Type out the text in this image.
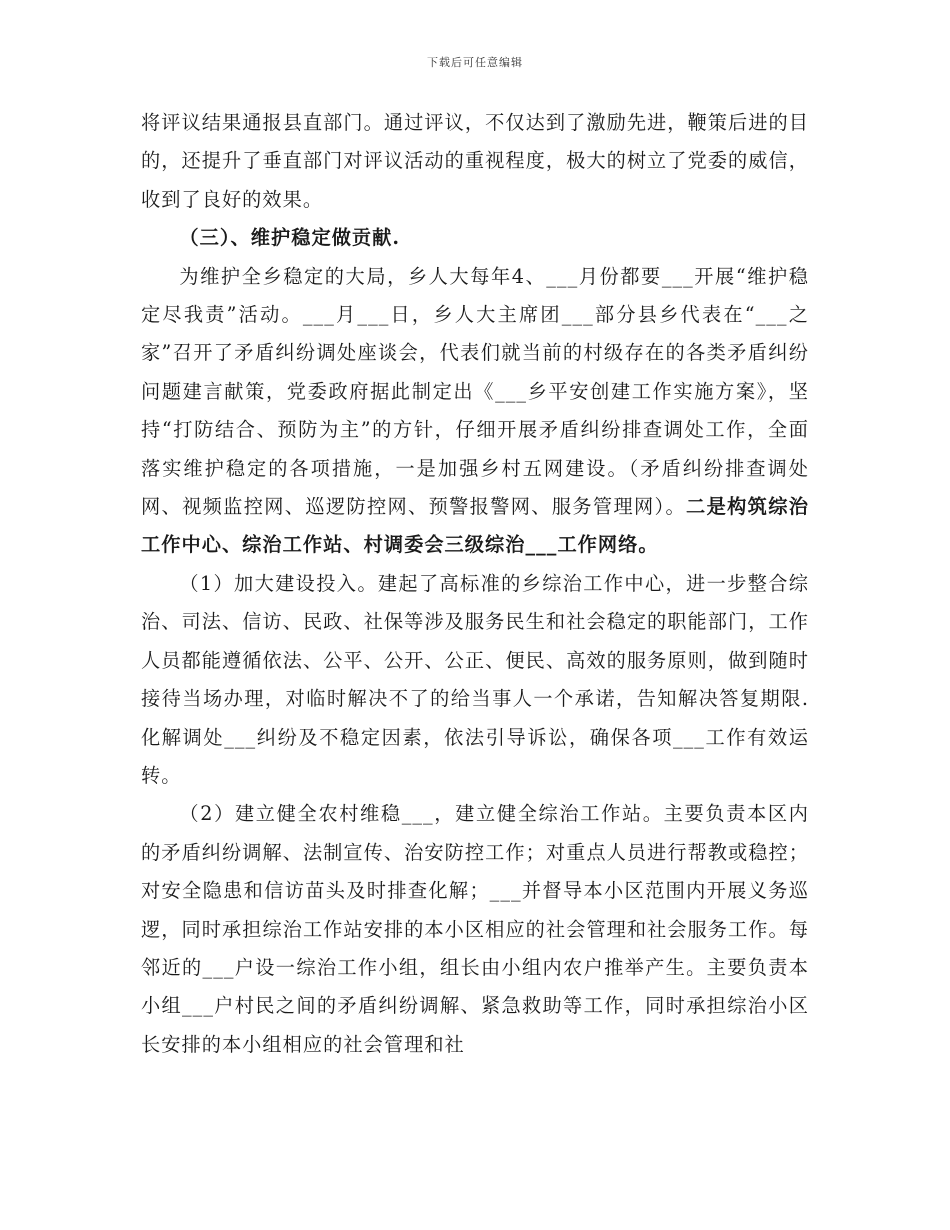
下载后可任意编辑

将评议结果通报县直部门。通过评议，不仅达到了激励先进，鞭策后进的目的，还提升了垂直部门对评议活动的重视程度，极大的树立了党委的威信，收到了良好的效果。

（三）、维护稳定做贡献.

为维护全乡稳定的大局，乡人大每年4、___月份都要___开展“维护稳定尽我责”活动。___月___日，乡人大主席团___部分县乡代表在“___之家”召开了矛盾纠纷调处座谈会，代表们就当前的村级存在的各类矛盾纠纷问题建言献策，党委政府据此制定出《___乡平安创建工作实施方案》，坚持“打防结合、预防为主”的方针，仔细开展矛盾纠纷排查调处工作，全面落实维护稳定的各项措施，一是加强乡村五网建设。（矛盾纠纷排查调处网、视频监控网、巡逻防控网、预警报警网、服务管理网）。二是构筑综治工作中心、综治工作站、村调委会三级综治___工作网络。

（1）加大建设投入。建起了高标准的乡综治工作中心，进一步整合综治、司法、信访、民政、社保等涉及服务民生和社会稳定的职能部门，工作人员都能遵循依法、公平、公开、公正、便民、高效的服务原则，做到随时接待当场办理，对临时解决不了的给当事人一个承诺，告知解决答复期限.化解调处___纠纷及不稳定因素，依法引导诉讼，确保各项___工作有效运转。

（2）建立健全农村维稳___，建立健全综治工作站。主要负责本区内的矛盾纠纷调解、法制宣传、治安防控工作；对重点人员进行帮教或稳控；对安全隐患和信访苗头及时排查化解；___并督导本小区范围内开展义务巡逻，同时承担综治工作站安排的本小区相应的社会管理和社会服务工作。每邻近的___户设一综治工作小组，组长由小组内农户推举产生。主要负责本小组___户村民之间的矛盾纠纷调解、紧急救助等工作，同时承担综治小区长安排的本小组相应的社会管理和社
